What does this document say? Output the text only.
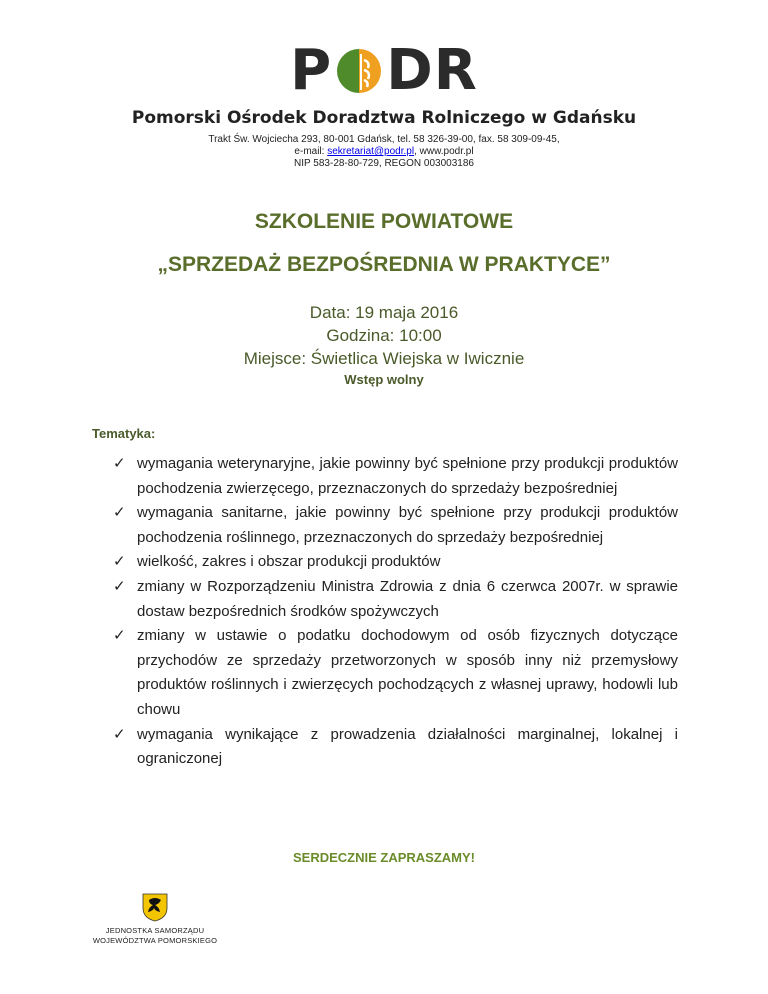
P DR
Pomorski Ośrodek Doradztwa Rolniczego w Gdańsku
Trakt Św. Wojciecha 293, 80-001 Gdańsk, tel. 58 326-39-00, fax. 58 309-09-45,
e-mail: sekretariat@podr.pl, www.podr.pl
NIP 583-28-80-729, REGON 003003186
SZKOLENIE POWIATOWE
„SPRZEDAŻ BEZPOŚREDNIA W PRAKTYCE”
Data: 19 maja 2016
Godzina: 10:00
Miejsce: Świetlica Wiejska w Iwicznie
Wstęp wolny
Tematyka:
✓ wymagania weterynaryjne, jakie powinny być spełnione przy produkcji produktów pochodzenia zwierzęcego, przeznaczonych do sprzedaży bezpośredniej
✓ wymagania sanitarne, jakie powinny być spełnione przy produkcji produktów pochodzenia roślinnego, przeznaczonych do sprzedaży bezpośredniej
✓ wielkość, zakres i obszar produkcji produktów
✓ zmiany w Rozporządzeniu Ministra Zdrowia z dnia 6 czerwca 2007r. w sprawie dostaw bezpośrednich środków spożywczych
✓ zmiany w ustawie o podatku dochodowym od osób fizycznych dotyczące przychodów ze sprzedaży przetworzonych w sposób inny niż przemysłowy produktów roślinnych i zwierzęcych pochodzących z własnej uprawy, hodowli lub chowu
✓ wymagania wynikające z prowadzenia działalności marginalnej, lokalnej i ograniczonej
SERDECZNIE ZAPRASZAMY!
JEDNOSTKA SAMORZĄDU
WOJEWÓDZTWA POMORSKIEGO
